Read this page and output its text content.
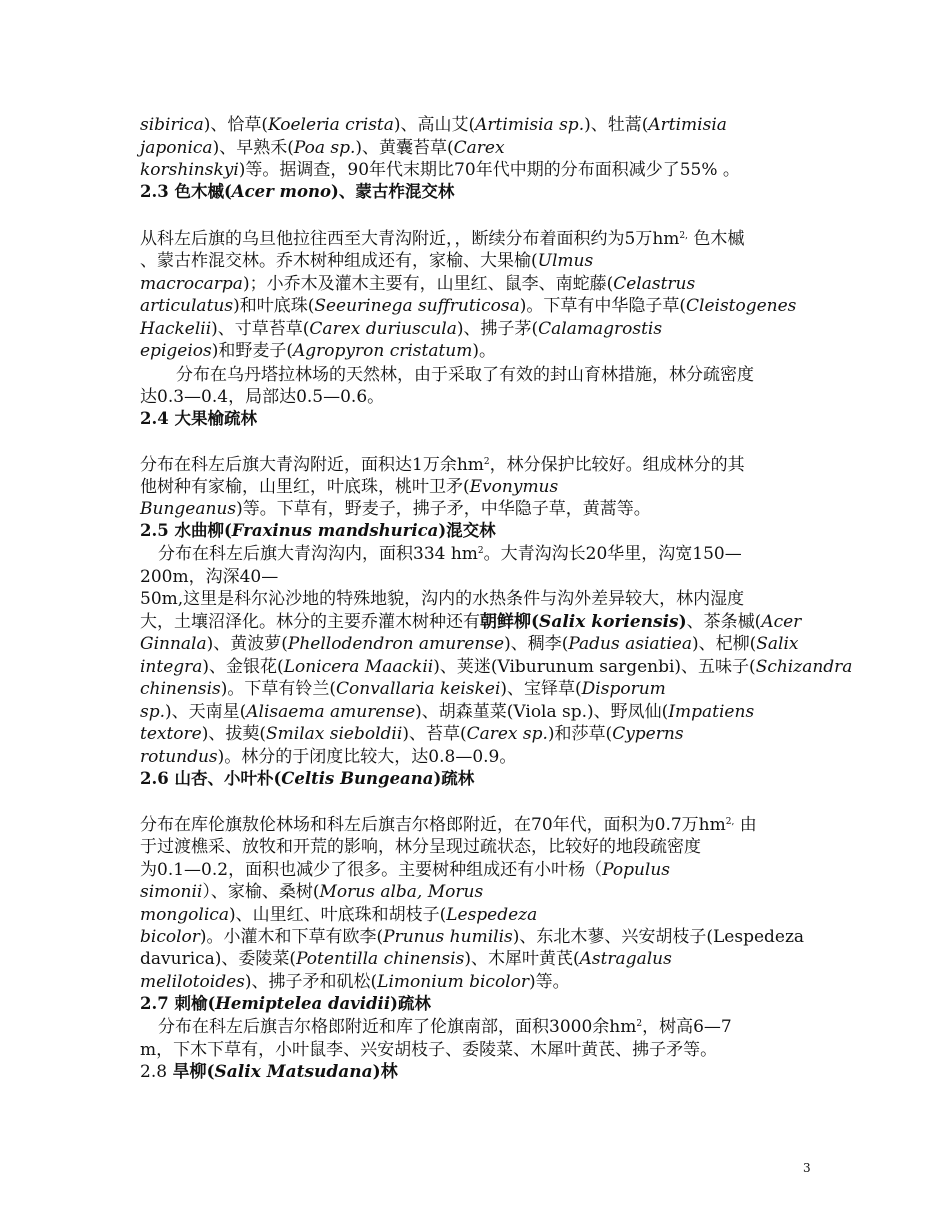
sibirica)、恰草(Koeleria crista)、高山艾(Artimisia sp.)、牡蒿(Artimisia
japonica)、早熟禾(Poa sp.)、黄囊苔草(Carex
korshinskyi)等。据调查，90年代末期比70年代中期的分布面积减少了55% 。
2.3 色木槭(Acer mono)、蒙古柞混交林
从科左后旗的乌旦他拉往西至大青沟附近，，断续分布着面积约为5万$hm^{2,}$ 色木槭
、蒙古柞混交林。乔木树种组成还有，家榆、大果榆(Ulmus
macrocarpa)；小乔木及灌木主要有，山里红、鼠李、南蛇藤(Celastrus
articulatus)和叶底珠(Seeurinega suffruticosa)。下草有中华隐子草(Cleistogenes
Hackelii)、寸草苔草(Carex duriuscula)、拂子茅(Calamagrostis
epigeios)和野麦子(Agropyron cristatum)。
分布在乌丹塔拉林场的天然林，由于采取了有效的封山育林措施，林分疏密度
达0.3—0.4，局部达0.5—0.6。
2.4 大果榆疏林
分布在科左后旗大青沟附近，面积达1万余$hm^2$，林分保护比较好。组成林分的其
他树种有家榆，山里红，叶底珠，桃叶卫矛(Evonymus
Bungeanus)等。下草有，野麦子，拂子矛，中华隐子草，黄蒿等。
2.5 水曲柳(Fraxinus mandshurica)混交林
分布在科左后旗大青沟沟内，面积334 $hm^2$。大青沟沟长20华里，沟宽150—
200m，沟深40—
50m,这里是科尔沁沙地的特殊地貌，沟内的水热条件与沟外差异较大，林内湿度
大，土壤沼泽化。林分的主要乔灌木树种还有朝鲜柳(Salix koriensis)、茶条槭(Acer
Ginnala)、黄波萝(Phellodendron amurense)、稠李(Padus asiatiea)、杞柳(Salix
integra)、金银花(Lonicera Maackii)、荚迷(Viburunum sargenbi)、五味子(Schizandra
chinensis)。下草有铃兰(Convallaria keiskei)、宝铎草(Disporum
sp.)、天南星(Alisaema amurense)、胡森堇菜(Viola sp.)、野凤仙(Impatiens
textore)、拔葜(Smilax sieboldii)、苔草(Carex sp.)和莎草(Cyperns
rotundus)。林分的于闭度比较大，达0.8—0.9。
2.6 山杏、小叶朴(Celtis Bungeana)疏林
分布在库伦旗敖伦林场和科左后旗吉尔格郎附近，在70年代，面积为0.7万$hm^{2,}$ 由
于过渡樵采、放牧和开荒的影响，林分呈现过疏状态，比较好的地段疏密度
为0.1—0.2，面积也减少了很多。主要树种组成还有小叶杨（Populus
simonii）、家榆、桑树(Morus alba, Morus
mongolica)、山里红、叶底珠和胡枝子(Lespedeza
bicolor)。小灌木和下草有欧李(Prunus humilis)、东北木蓼、兴安胡枝子(Lespedeza
davurica)、委陵菜(Potentilla chinensis)、木犀叶黄芪(Astragalus
melilotoides)、拂子矛和矶松(Limonium bicolor)等。
2.7 刺榆(Hemiptelea davidii)疏林
分布在科左后旗吉尔格郎附近和库了伦旗南部，面积3000余$hm^2$，树高6—7
m，下木下草有，小叶鼠李、兴安胡枝子、委陵菜、木犀叶黄芪、拂子矛等。
2.8 旱柳(Salix Matsudana)林
3
